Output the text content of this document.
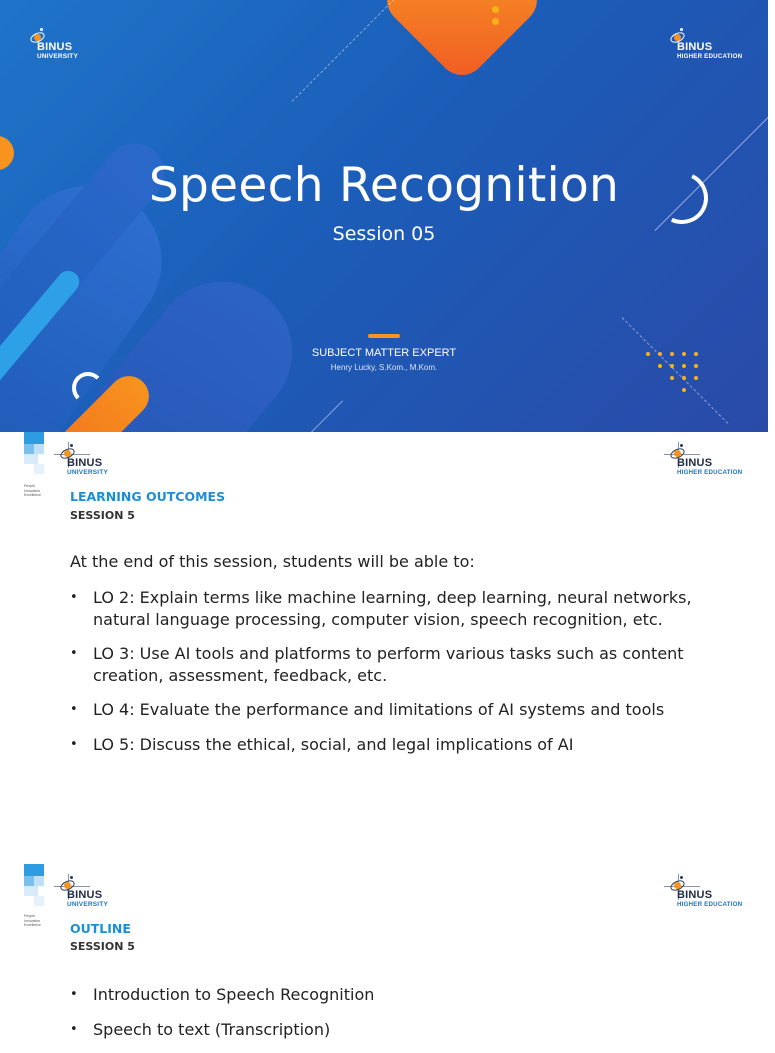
BINUS
UNIVERSITY
BINUS
HIGHER EDUCATION
Speech Recognition
Session 05
SUBJECT MATTER EXPERT
Henry Lucky, S.Kom., M.Kom.
People
Innovation
Excellence
BINUS
UNIVERSITY
BINUS
HIGHER EDUCATION
LEARNING OUTCOMES
SESSION 5
At the end of this session, students will be able to:
• LO 2: Explain terms like machine learning, deep learning, neural networks, natural language processing, computer vision, speech recognition, etc.
• LO 3: Use AI tools and platforms to perform various tasks such as content creation, assessment, feedback, etc.
• LO 4: Evaluate the performance and limitations of AI systems and tools
• LO 5: Discuss the ethical, social, and legal implications of AI
People
Innovation
Excellence
BINUS
UNIVERSITY
BINUS
HIGHER EDUCATION
OUTLINE
SESSION 5
• Introduction to Speech Recognition
• Speech to text (Transcription)
